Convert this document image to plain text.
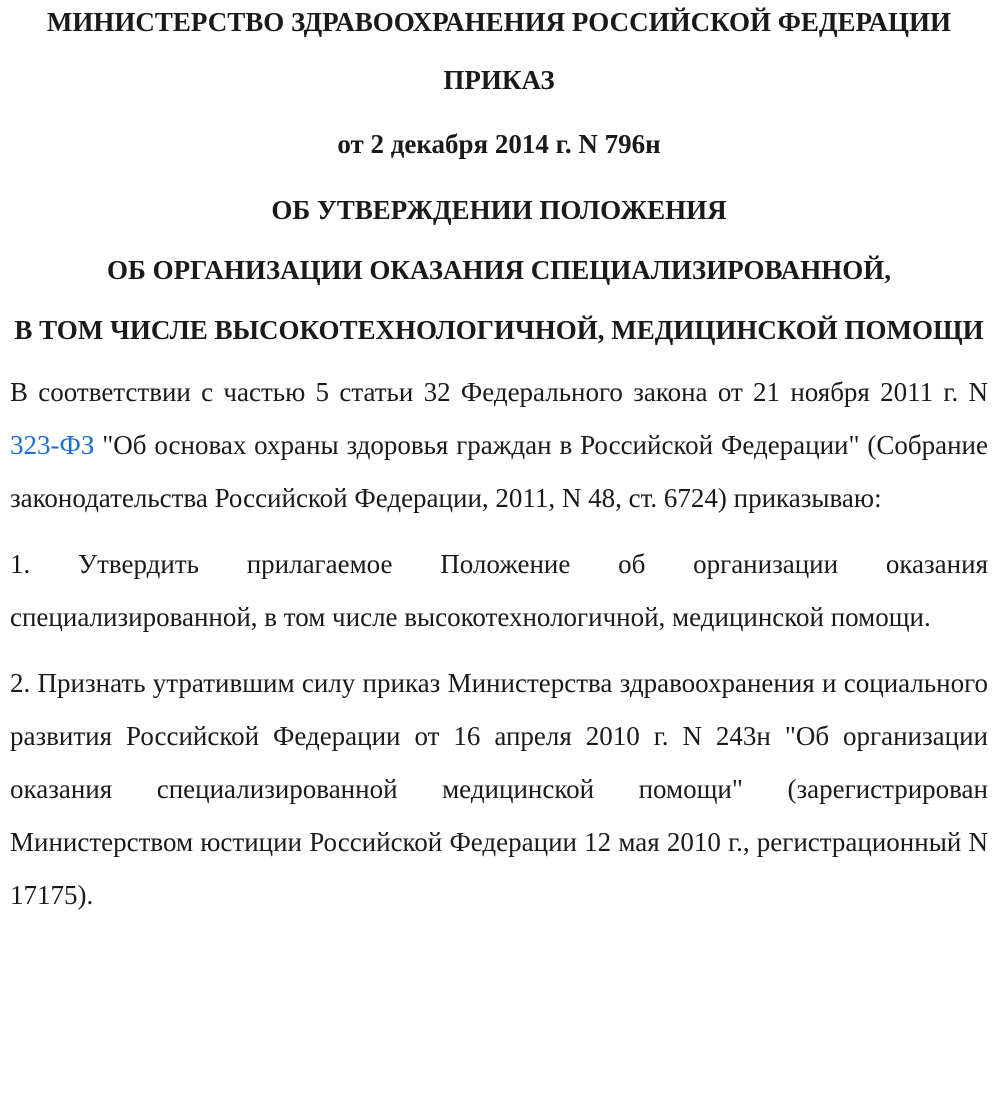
МИНИСТЕРСТВО ЗДРАВООХРАНЕНИЯ РОССИЙСКОЙ ФЕДЕРАЦИИ

ПРИКАЗ

от 2 декабря 2014 г. N 796н

ОБ УТВЕРЖДЕНИИ ПОЛОЖЕНИЯ
ОБ ОРГАНИЗАЦИИ ОКАЗАНИЯ СПЕЦИАЛИЗИРОВАННОЙ,
В ТОМ ЧИСЛЕ ВЫСОКОТЕХНОЛОГИЧНОЙ, МЕДИЦИНСКОЙ ПОМОЩИ

В соответствии с частью 5 статьи 32 Федерального закона от 21 ноября 2011 г. N 323-ФЗ "Об основах охраны здоровья граждан в Российской Федерации" (Собрание законодательства Российской Федерации, 2011, N 48, ст. 6724) приказываю:

1. Утвердить прилагаемое Положение об организации оказания специализированной, в том числе высокотехнологичной, медицинской помощи.

2. Признать утратившим силу приказ Министерства здравоохранения и социального развития Российской Федерации от 16 апреля 2010 г. N 243н "Об организации оказания специализированной медицинской помощи" (зарегистрирован Министерством юстиции Российской Федерации 12 мая 2010 г., регистрационный N 17175).
